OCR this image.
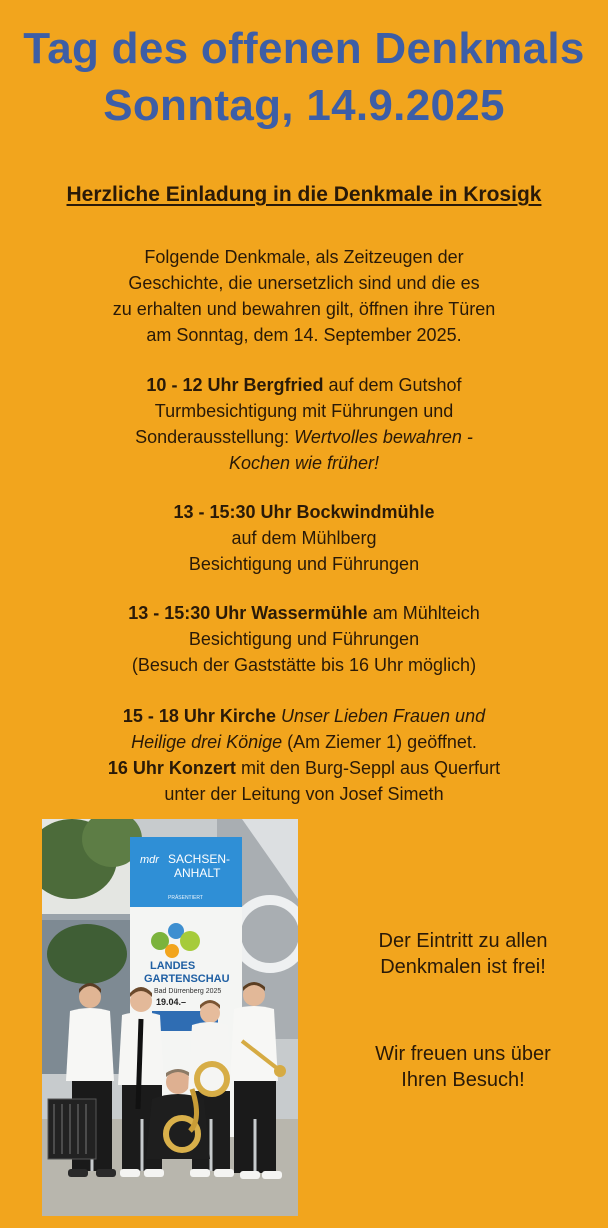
Tag des offenen Denkmals
Sonntag, 14.9.2025
Herzliche Einladung in die Denkmale in Krosigk

Folgende Denkmale, als Zeitzeugen der

Geschichte, die unersetzlich sind und die es

zu erhalten und bewahren gilt, öffnen ihre Türen

am Sonntag, dem 14. September 2025.

10 - 12 Uhr Bergfried auf dem Gutshof

Turmbesichtigung mit Führungen und

Sonderausstellung: Wertvolles bewahren -

Kochen wie früher!

13 - 15:30 Uhr Bockwindmühle

auf dem Mühlberg

Besichtigung und Führungen

13 - 15:30 Uhr Wassermühle am Mühlteich

Besichtigung und Führungen

(Besuch der Gaststätte bis 16 Uhr möglich)

15 - 18 Uhr Kirche Unser Lieben Frauen und

Heilige drei Könige (Am Ziemer 1) geöffnet.

16 Uhr Konzert mit den Burg-Seppl aus Querfurt

unter der Leitung von Josef Simeth

mdr SACHSEN-
ANHALT
PRÄSENTIERT
LANDES
GARTENSCHAU
Bad Dürrenberg 2025
19.04.–

Der Eintritt zu allen

Denkmalen ist frei!

Wir freuen uns über

Ihren Besuch!
